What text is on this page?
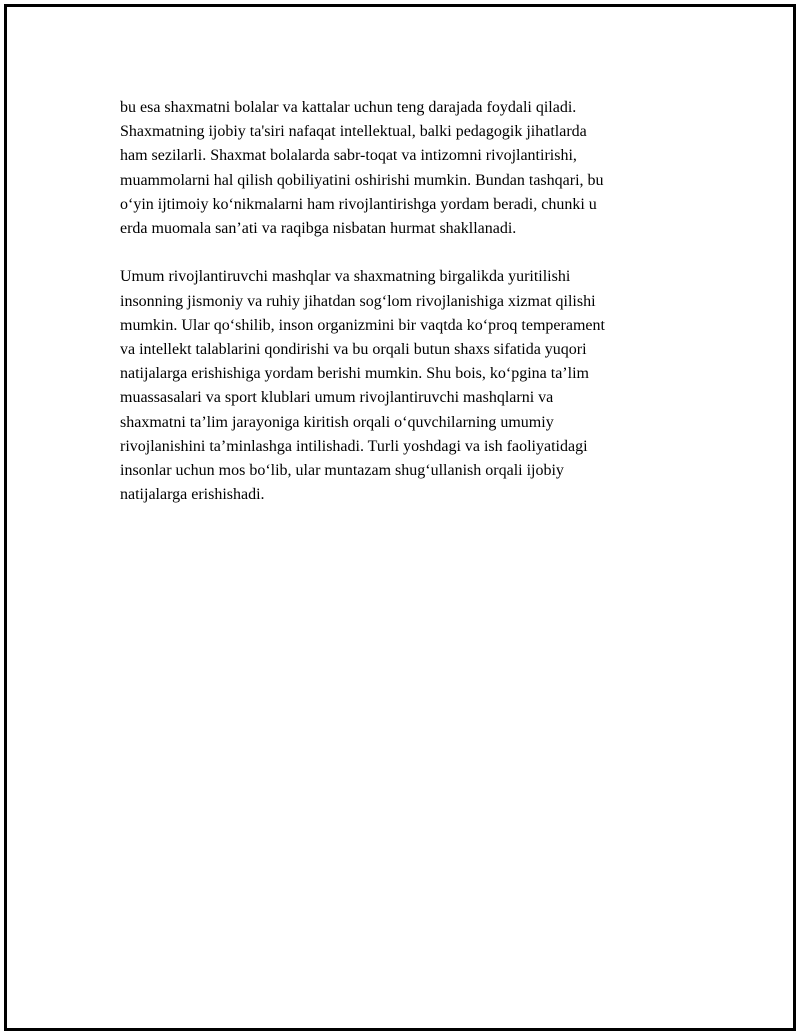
bu esa shaxmatni bolalar va kattalar uchun teng darajada foydali qiladi.
Shaxmatning ijobiy ta'siri nafaqat intellektual, balki pedagogik jihatlarda
ham sezilarli. Shaxmat bolalarda sabr-toqat va intizomni rivojlantirishi,
muammolarni hal qilish qobiliyatini oshirishi mumkin. Bundan tashqari, bu
o‘yin ijtimoiy ko‘nikmalarni ham rivojlantirishga yordam beradi, chunki u
erda muomala san’ati va raqibga nisbatan hurmat shakllanadi.

Umum rivojlantiruvchi mashqlar va shaxmatning birgalikda yuritilishi
insonning jismoniy va ruhiy jihatdan sog‘lom rivojlanishiga xizmat qilishi
mumkin. Ular qo‘shilib, inson organizmini bir vaqtda ko‘proq temperament
va intellekt talablarini qondirishi va bu orqali butun shaxs sifatida yuqori
natijalarga erishishiga yordam berishi mumkin. Shu bois, ko‘pgina ta’lim
muassasalari va sport klublari umum rivojlantiruvchi mashqlarni va
shaxmatni ta’lim jarayoniga kiritish orqali o‘quvchilarning umumiy
rivojlanishini ta’minlashga intilishadi. Turli yoshdagi va ish faoliyatidagi
insonlar uchun mos bo‘lib, ular muntazam shug‘ullanish orqali ijobiy
natijalarga erishishadi.
